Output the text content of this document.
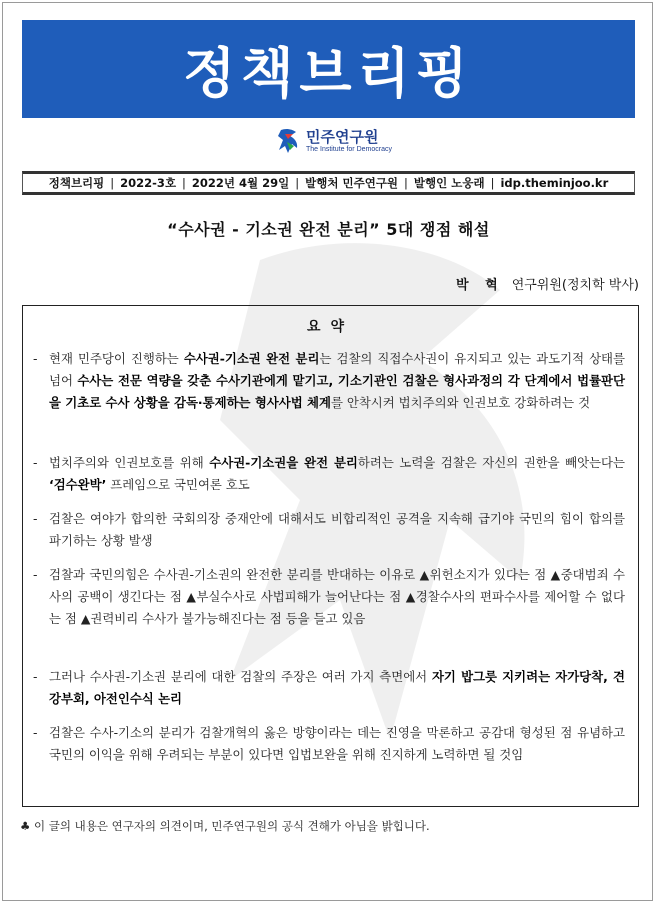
정책브리핑
민주연구원
The Institute for Democracy
정책브리핑 | 2022-3호 | 2022년 4월 29일 | 발행처 민주연구원 | 발행인 노웅래 | idp.theminjoo.kr
“수사권 - 기소권 완전 분리” 5대 쟁점 해설
박 혁 연구위원(정치학 박사)
요약
- 현재 민주당이 진행하는 수사권-기소권 완전 분리는 검찰의 직접수사권이 유지되고 있는 과도기적 상태를 넘어 수사는 전문 역량을 갖춘 수사기관에게 맡기고, 기소기관인 검찰은 형사과정의 각 단계에서 법률판단을 기초로 수사 상황을 감독·통제하는 형사사법 체계를 안착시켜 법치주의와 인권보호 강화하려는 것
- 법치주의와 인권보호를 위해 수사권-기소권을 완전 분리하려는 노력을 검찰은 자신의 권한을 빼앗는다는 ‘검수완박’ 프레임으로 국민여론 호도
- 검찰은 여야가 합의한 국회의장 중재안에 대해서도 비합리적인 공격을 지속해 급기야 국민의 힘이 합의를 파기하는 상황 발생
- 검찰과 국민의힘은 수사권-기소권의 완전한 분리를 반대하는 이유로 ▲위헌소지가 있다는 점 ▲중대범죄 수사의 공백이 생긴다는 점 ▲부실수사로 사법피해가 늘어난다는 점 ▲경찰수사의 편파수사를 제어할 수 없다는 점 ▲권력비리 수사가 불가능해진다는 점 등을 들고 있음
- 그러나 수사권-기소권 분리에 대한 검찰의 주장은 여러 가지 측면에서 자기 밥그릇 지키려는 자가당착, 견강부회, 아전인수식 논리
- 검찰은 수사-기소의 분리가 검찰개혁의 옳은 방향이라는 데는 진영을 막론하고 공감대 형성된 점 유념하고 국민의 이익을 위해 우려되는 부분이 있다면 입법보완을 위해 진지하게 노력하면 될 것임
♣ 이 글의 내용은 연구자의 의견이며, 민주연구원의 공식 견해가 아님을 밝힙니다.
